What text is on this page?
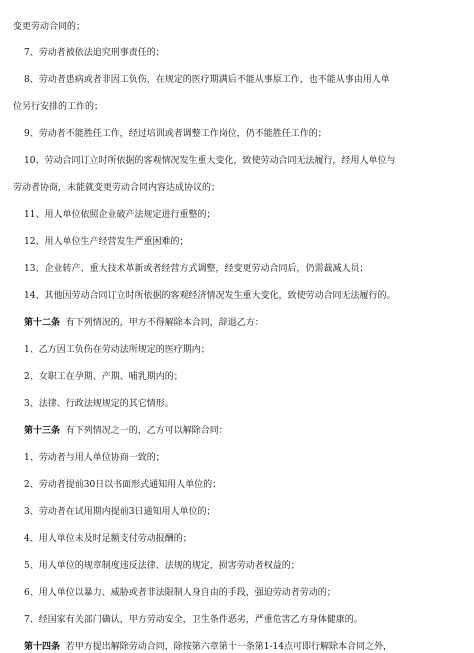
变更劳动合同的；
7、劳动者被依法追究刑事责任的；
8、劳动者患病或者非因工负伤，在规定的医疗期满后不能从事原工作，也不能从事由用人单
位另行安排的工作的；
9、劳动者不能胜任工作，经过培训或者调整工作岗位，仍不能胜任工作的；
10、劳动合同订立时所依据的客观情况发生重大变化，致使劳动合同无法履行，经用人单位与
劳动者协商，未能就变更劳动合同内容达成协议的；
11、用人单位依照企业破产法规定进行重整的；
12、用人单位生产经营发生严重困难的；
13、企业转产、重大技术革新或者经营方式调整，经变更劳动合同后，仍需裁减人员；
14、其他因劳动合同订立时所依据的客观经济情况发生重大变化，致使劳动合同无法履行的。
第十二条 有下列情况的，甲方不得解除本合同，辞退乙方：
1、乙方因工负伤在劳动法所规定的医疗期内；
2、女职工在孕期、产期、哺乳期内的；
3、法律、行政法规规定的其它情形。
第十三条 有下列情况之一的，乙方可以解除合同：
1、劳动者与用人单位协商一致的；
2、劳动者提前30日以书面形式通知用人单位的；
3、劳动者在试用期内提前3日通知用人单位的；
4、用人单位未及时足额支付劳动报酬的；
5、用人单位的规章制度违反法律、法规的规定，损害劳动者权益的；
6、用人单位以暴力、威胁或者非法限制人身自由的手段，强迫劳动者劳动的；
7、经国家有关部门确认，甲方劳动安全，卫生条件恶劣，严重危害乙方身体健康的。
第十四条 若甲方提出解除劳动合同，除按第六章第十一条第1-14点可即行解除本合同之外，
